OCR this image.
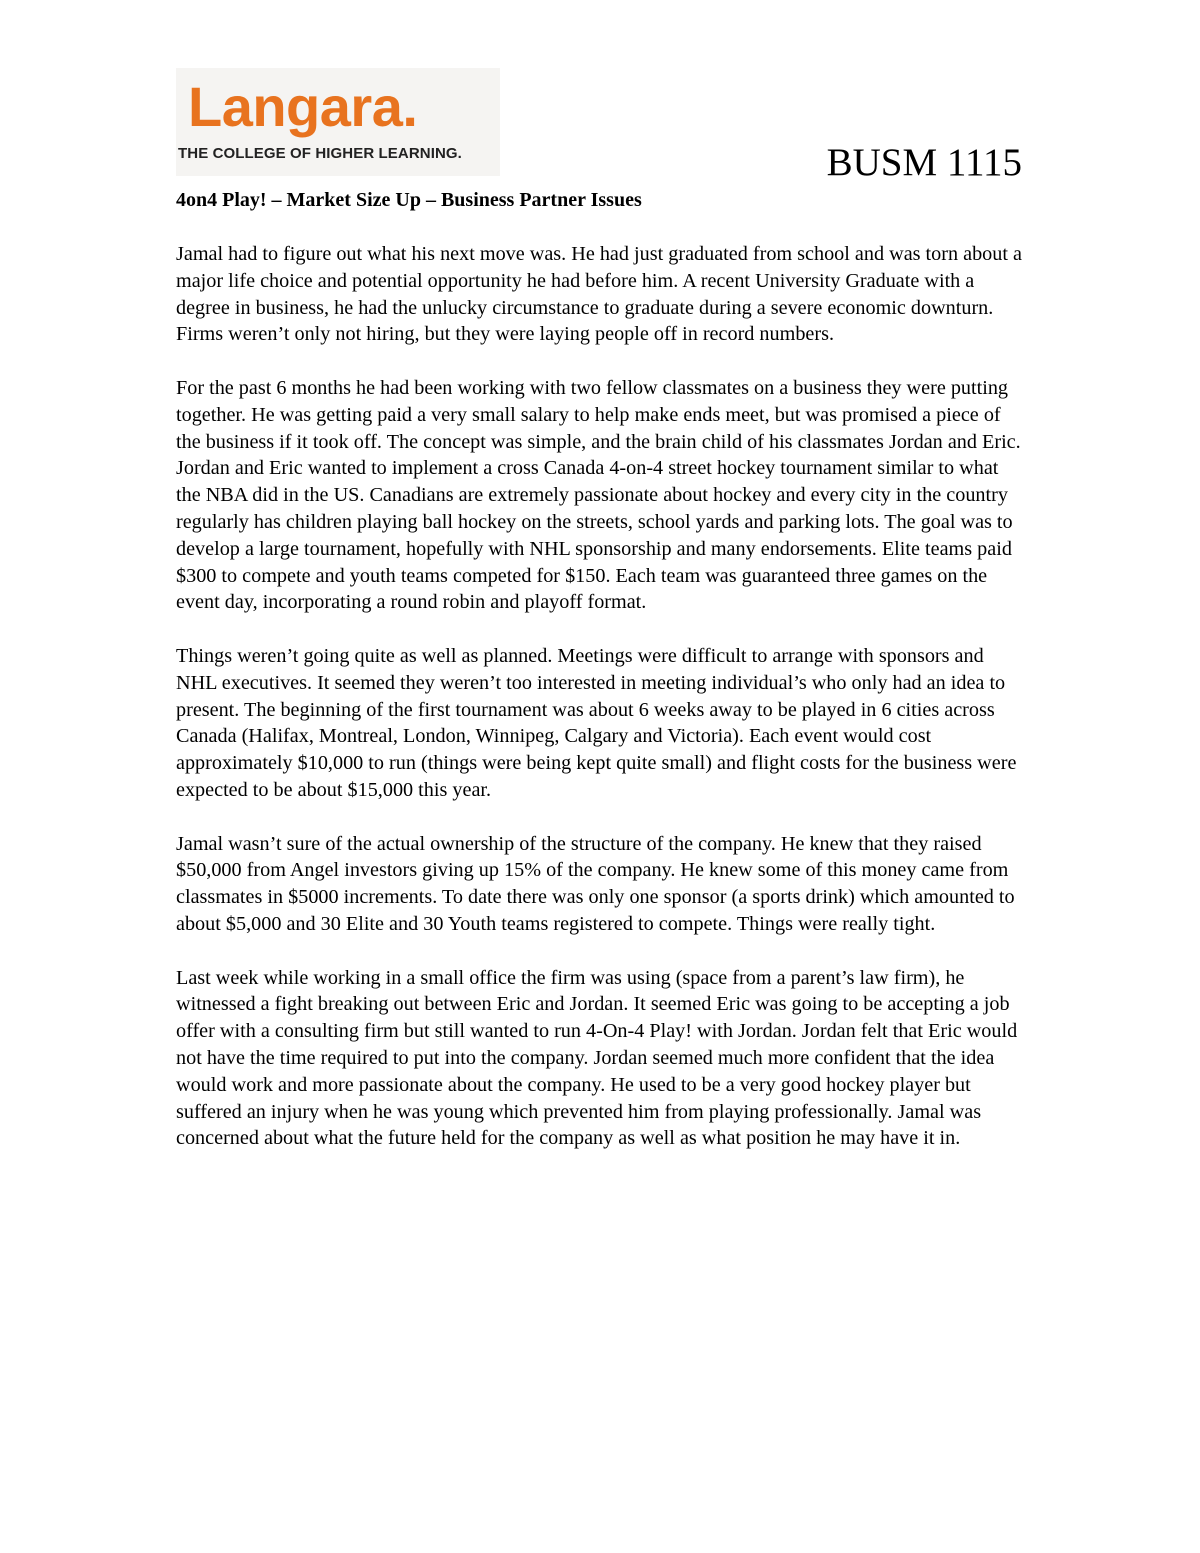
Langara.
THE COLLEGE OF HIGHER LEARNING.	BUSM 1115
4on4 Play! – Market Size Up – Business Partner Issues

Jamal had to figure out what his next move was. He had just graduated from school and was torn about a major life choice and potential opportunity he had before him. A recent University Graduate with a degree in business, he had the unlucky circumstance to graduate during a severe economic downturn. Firms weren’t only not hiring, but they were laying people off in record numbers.

For the past 6 months he had been working with two fellow classmates on a business they were putting together. He was getting paid a very small salary to help make ends meet, but was promised a piece of the business if it took off. The concept was simple, and the brain child of his classmates Jordan and Eric. Jordan and Eric wanted to implement a cross Canada 4-on-4 street hockey tournament similar to what the NBA did in the US. Canadians are extremely passionate about hockey and every city in the country regularly has children playing ball hockey on the streets, school yards and parking lots. The goal was to develop a large tournament, hopefully with NHL sponsorship and many endorsements. Elite teams paid $300 to compete and youth teams competed for $150. Each team was guaranteed three games on the event day, incorporating a round robin and playoff format.

Things weren’t going quite as well as planned. Meetings were difficult to arrange with sponsors and NHL executives. It seemed they weren’t too interested in meeting individual’s who only had an idea to present. The beginning of the first tournament was about 6 weeks away to be played in 6 cities across Canada (Halifax, Montreal, London, Winnipeg, Calgary and Victoria). Each event would cost approximately $10,000 to run (things were being kept quite small) and flight costs for the business were expected to be about $15,000 this year.

Jamal wasn’t sure of the actual ownership of the structure of the company. He knew that they raised $50,000 from Angel investors giving up 15% of the company. He knew some of this money came from classmates in $5000 increments. To date there was only one sponsor (a sports drink) which amounted to about $5,000 and 30 Elite and 30 Youth teams registered to compete. Things were really tight.

Last week while working in a small office the firm was using (space from a parent’s law firm), he witnessed a fight breaking out between Eric and Jordan. It seemed Eric was going to be accepting a job offer with a consulting firm but still wanted to run 4-On-4 Play! with Jordan. Jordan felt that Eric would not have the time required to put into the company. Jordan seemed much more confident that the idea would work and more passionate about the company. He used to be a very good hockey player but suffered an injury when he was young which prevented him from playing professionally. Jamal was concerned about what the future held for the company as well as what position he may have it in.
